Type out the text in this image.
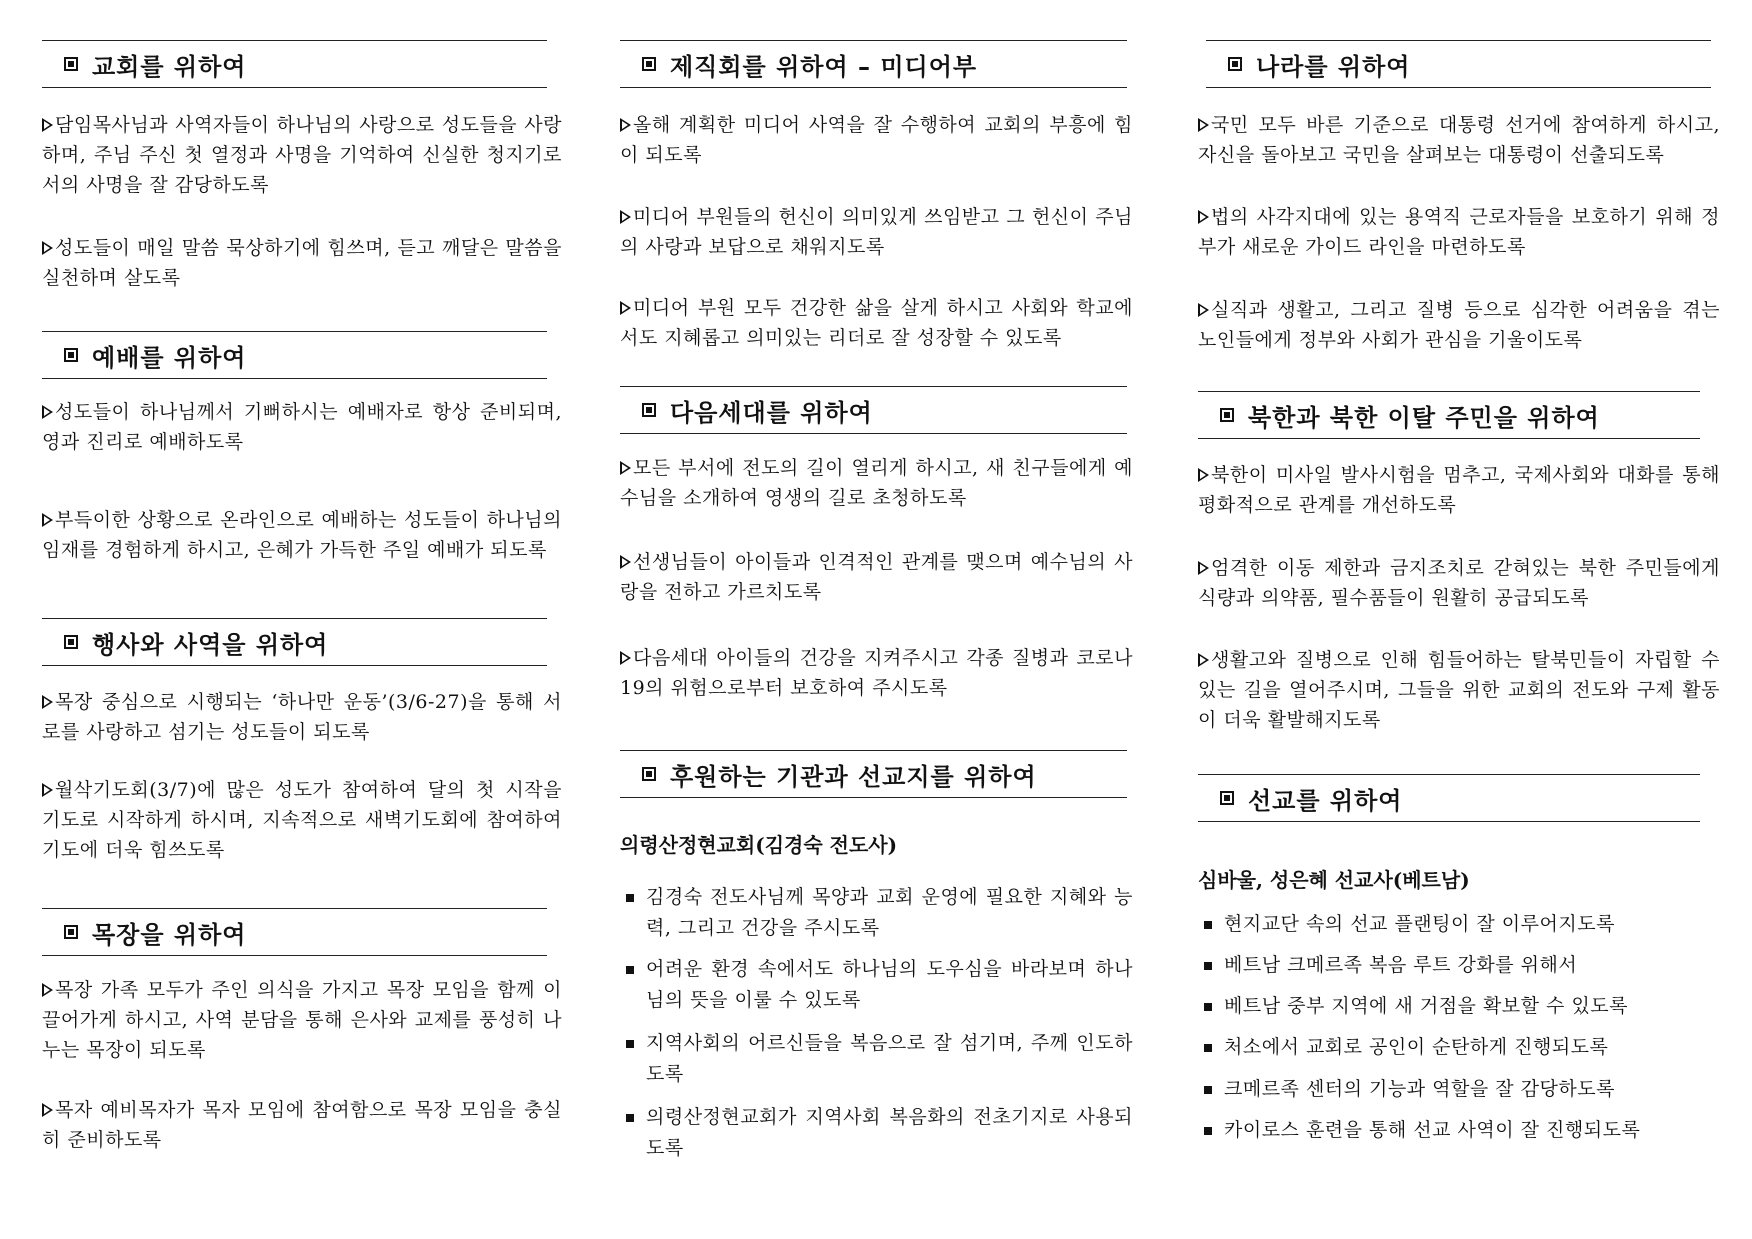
교회를 위하여
담임목사님과 사역자들이 하나님의 사랑으로 성도들을 사랑하며, 주님 주신 첫 열정과 사명을 기억하여 신실한 청지기로서의 사명을 잘 감당하도록
성도들이 매일 말씀 묵상하기에 힘쓰며, 듣고 깨달은 말씀을 실천하며 살도록
예배를 위하여
성도들이 하나님께서 기뻐하시는 예배자로 항상 준비되며, 영과 진리로 예배하도록
부득이한 상황으로 온라인으로 예배하는 성도들이 하나님의 임재를 경험하게 하시고, 은혜가 가득한 주일 예배가 되도록
행사와 사역을 위하여
목장 중심으로 시행되는 ‘하나만 운동’(3/6-27)을 통해 서로를 사랑하고 섬기는 성도들이 되도록
월삭기도회(3/7)에 많은 성도가 참여하여 달의 첫 시작을 기도로 시작하게 하시며, 지속적으로 새벽기도회에 참여하여 기도에 더욱 힘쓰도록
목장을 위하여
목장 가족 모두가 주인 의식을 가지고 목장 모임을 함께 이끌어가게 하시고, 사역 분담을 통해 은사와 교제를 풍성히 나누는 목장이 되도록
목자 예비목자가 목자 모임에 참여함으로 목장 모임을 충실히 준비하도록
제직회를 위하여 – 미디어부
올해 계획한 미디어 사역을 잘 수행하여 교회의 부흥에 힘이 되도록
미디어 부원들의 헌신이 의미있게 쓰임받고 그 헌신이 주님의 사랑과 보답으로 채워지도록
미디어 부원 모두 건강한 삶을 살게 하시고 사회와 학교에서도 지혜롭고 의미있는 리더로 잘 성장할 수 있도록
다음세대를 위하여
모든 부서에 전도의 길이 열리게 하시고, 새 친구들에게 예수님을 소개하여 영생의 길로 초청하도록
선생님들이 아이들과 인격적인 관계를 맺으며 예수님의 사랑을 전하고 가르치도록
다음세대 아이들의 건강을 지켜주시고 각종 질병과 코로나19의 위험으로부터 보호하여 주시도록
후원하는 기관과 선교지를 위하여
의령산정현교회(김경숙 전도사)
김경숙 전도사님께 목양과 교회 운영에 필요한 지혜와 능력, 그리고 건강을 주시도록
어려운 환경 속에서도 하나님의 도우심을 바라보며 하나님의 뜻을 이룰 수 있도록
지역사회의 어르신들을 복음으로 잘 섬기며, 주께 인도하도록
의령산정현교회가 지역사회 복음화의 전초기지로 사용되도록
나라를 위하여
국민 모두 바른 기준으로 대통령 선거에 참여하게 하시고, 자신을 돌아보고 국민을 살펴보는 대통령이 선출되도록
법의 사각지대에 있는 용역직 근로자들을 보호하기 위해 정부가 새로운 가이드 라인을 마련하도록
실직과 생활고, 그리고 질병 등으로 심각한 어려움을 겪는 노인들에게 정부와 사회가 관심을 기울이도록
북한과 북한 이탈 주민을 위하여
북한이 미사일 발사시험을 멈추고, 국제사회와 대화를 통해 평화적으로 관계를 개선하도록
엄격한 이동 제한과 금지조치로 갇혀있는 북한 주민들에게 식량과 의약품, 필수품들이 원활히 공급되도록
생활고와 질병으로 인해 힘들어하는 탈북민들이 자립할 수 있는 길을 열어주시며, 그들을 위한 교회의 전도와 구제 활동이 더욱 활발해지도록
선교를 위하여
심바울, 성은혜 선교사(베트남)
현지교단 속의 선교 플랜팅이 잘 이루어지도록
베트남 크메르족 복음 루트 강화를 위해서
베트남 중부 지역에 새 거점을 확보할 수 있도록
처소에서 교회로 공인이 순탄하게 진행되도록
크메르족 센터의 기능과 역할을 잘 감당하도록
카이로스 훈련을 통해 선교 사역이 잘 진행되도록
